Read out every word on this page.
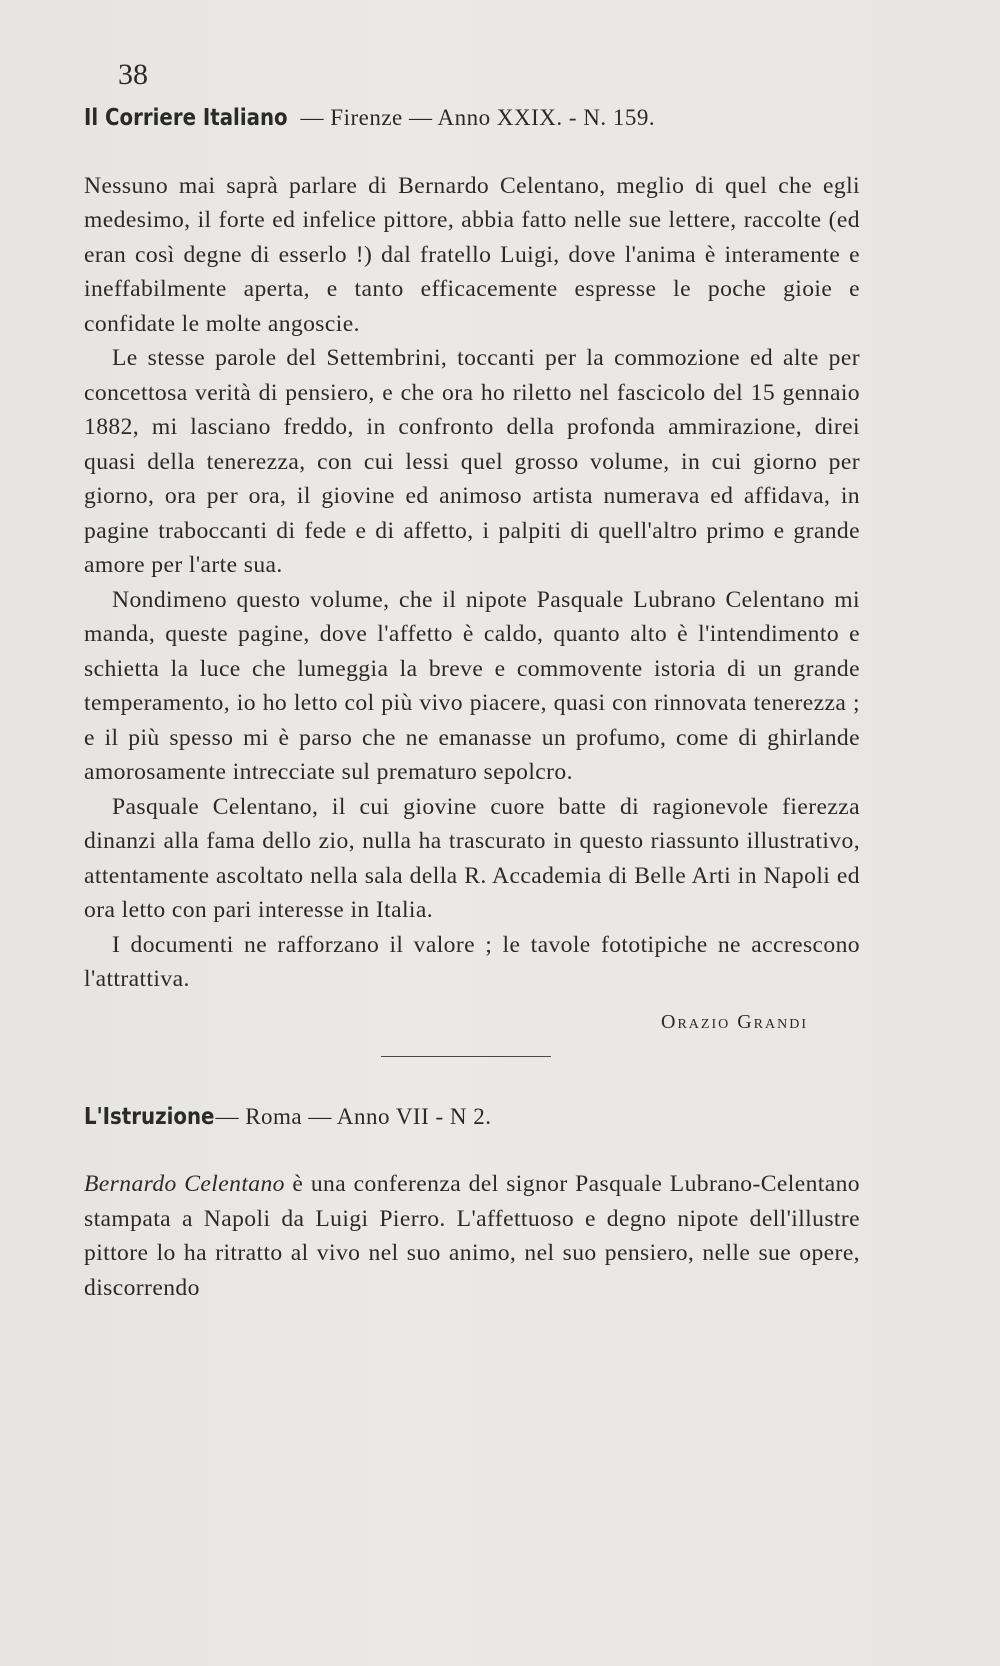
38
Il Corriere Italiano — Firenze — Anno XXIX. - N. 159.

Nessuno mai saprà parlare di Bernardo Celentano, meglio di quel che egli medesimo, il forte ed infelice pittore, abbia fatto nelle sue lettere, raccolte (ed eran così degne di esserlo !) dal fratello Luigi, dove l'anima è interamente e ineffabilmente aperta, e tanto efficacemente espresse le poche gioie e confidate le molte angoscie.

Le stesse parole del Settembrini, toccanti per la commozione ed alte per concettosa verità di pensiero, e che ora ho riletto nel fascicolo del 15 gennaio 1882, mi lasciano freddo, in confronto della profonda ammirazione, direi quasi della tenerezza, con cui lessi quel grosso volume, in cui giorno per giorno, ora per ora, il giovine ed animoso artista numerava ed affidava, in pagine traboccanti di fede e di affetto, i palpiti di quell'altro primo e grande amore per l'arte sua.

Nondimeno questo volume, che il nipote Pasquale Lubrano Celentano mi manda, queste pagine, dove l'affetto è caldo, quanto alto è l'intendimento e schietta la luce che lumeggia la breve e commovente istoria di un grande temperamento, io ho letto col più vivo piacere, quasi con rinnovata tenerezza ; e il più spesso mi è parso che ne emanasse un profumo, come di ghirlande amorosamente intrecciate sul prematuro sepolcro.

Pasquale Celentano, il cui giovine cuore batte di ragionevole fierezza dinanzi alla fama dello zio, nulla ha trascurato in questo riassunto illustrativo, attentamente ascoltato nella sala della R. Accademia di Belle Arti in Napoli ed ora letto con pari interesse in Italia.

I documenti ne rafforzano il valore ; le tavole fototipiche ne accrescono l'attrattiva.

Orazio Grandi
L'Istruzione — Roma — Anno VII - N 2.

Bernardo Celentano è una conferenza del signor Pasquale Lubrano-Celentano stampata a Napoli da Luigi Pierro. L'affettuoso e degno nipote dell'illustre pittore lo ha ritratto al vivo nel suo animo, nel suo pensiero, nelle sue opere, discorrendo
